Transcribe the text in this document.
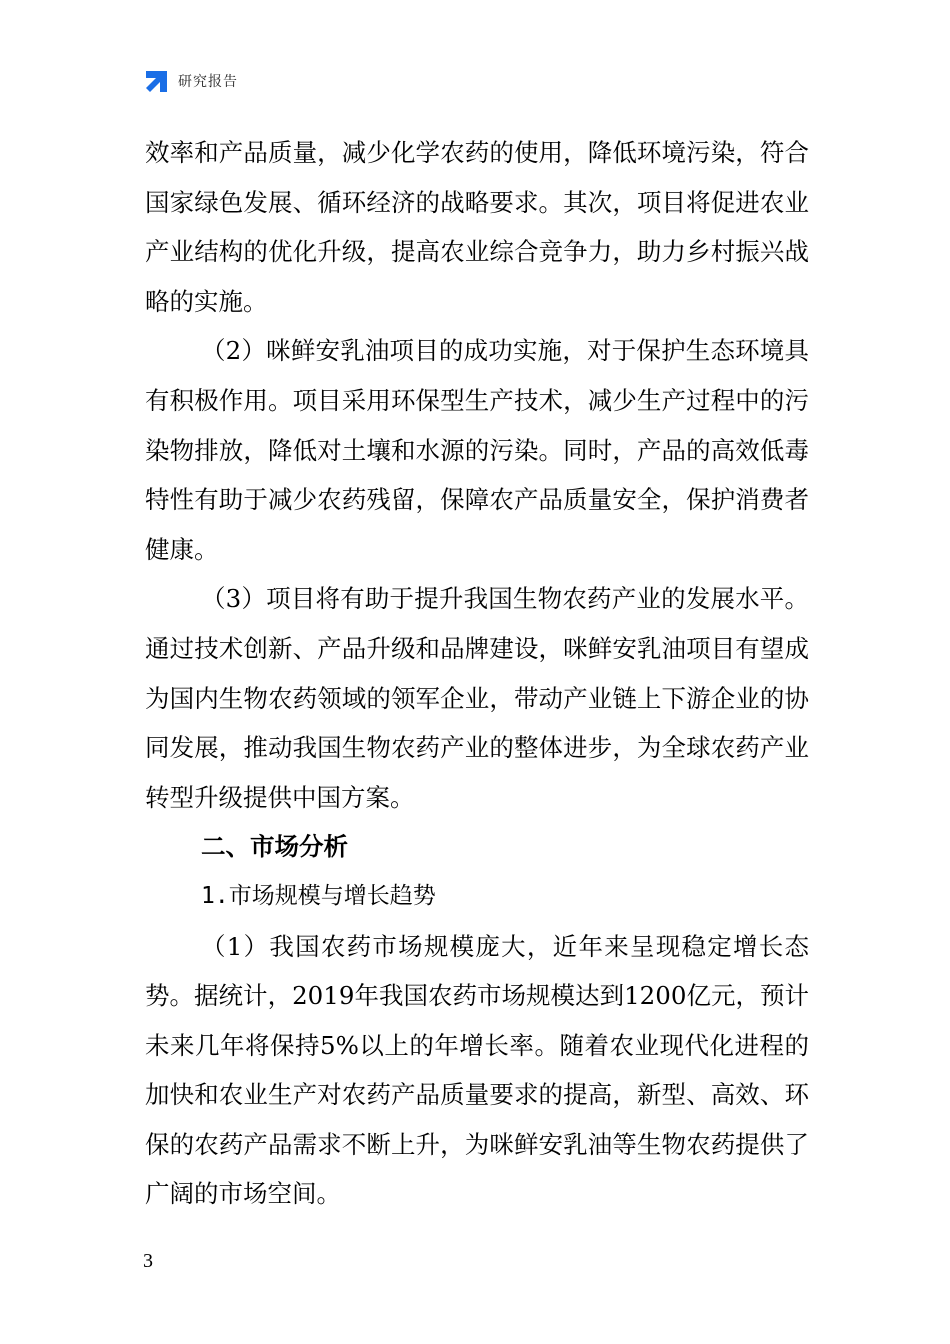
研究报告

效率和产品质量，减少化学农药的使用，降低环境污染，符合国家绿色发展、循环经济的战略要求。其次，项目将促进农业产业结构的优化升级，提高农业综合竞争力，助力乡村振兴战略的实施。

（2）咪鲜安乳油项目的成功实施，对于保护生态环境具有积极作用。项目采用环保型生产技术，减少生产过程中的污染物排放，降低对土壤和水源的污染。同时，产品的高效低毒特性有助于减少农药残留，保障农产品质量安全，保护消费者健康。

（3）项目将有助于提升我国生物农药产业的发展水平。通过技术创新、产品升级和品牌建设，咪鲜安乳油项目有望成为国内生物农药领域的领军企业，带动产业链上下游企业的协同发展，推动我国生物农药产业的整体进步，为全球农药产业转型升级提供中国方案。

二、市场分析

1.市场规模与增长趋势

（1）我国农药市场规模庞大，近年来呈现稳定增长态势。据统计，2019年我国农药市场规模达到1200亿元，预计未来几年将保持5%以上的年增长率。随着农业现代化进程的加快和农业生产对农药产品质量要求的提高，新型、高效、环保的农药产品需求不断上升，为咪鲜安乳油等生物农药提供了广阔的市场空间。

3
